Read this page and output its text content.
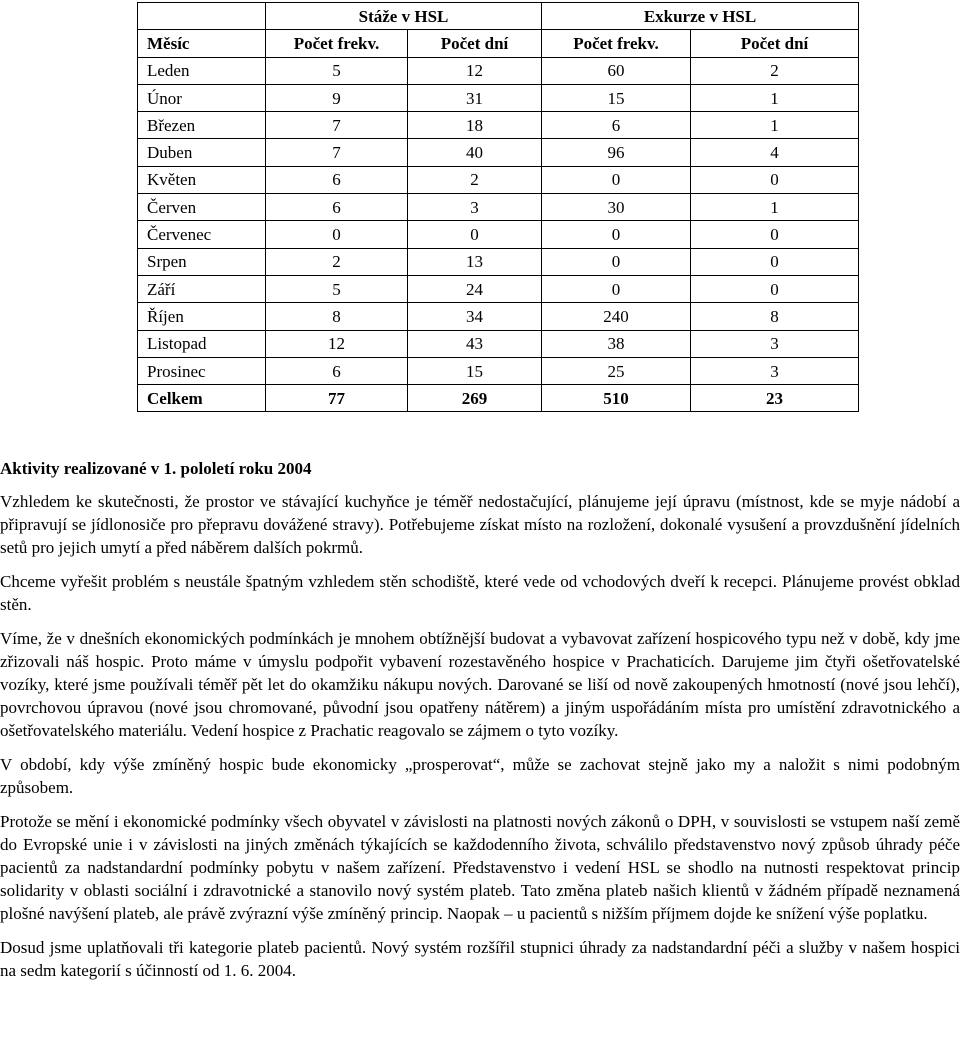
	Stáže v HSL		Exkurze v HSL	
Měsíc	Počet frekv.	Počet dní	Počet frekv.	Počet dní
Leden	5	12	60	2
Únor	9	31	15	1
Březen	7	18	6	1
Duben	7	40	96	4
Květen	6	2	0	0
Červen	6	3	30	1
Červenec	0	0	0	0
Srpen	2	13	0	0
Září	5	24	0	0
Říjen	8	34	240	8
Listopad	12	43	38	3
Prosinec	6	15	25	3
Celkem	77	269	510	23
Aktivity realizované v 1. pololetí roku 2004

Vzhledem ke skutečnosti, že prostor ve stávající kuchyňce je téměř nedostačující, plánujeme její úpravu (místnost, kde se myje nádobí a připravují se jídlonosiče pro přepravu dovážené stravy). Potřebujeme získat místo na rozložení, dokonalé vysušení a provzdušnění jídelních setů pro jejich umytí a před náběrem dalších pokrmů.

Chceme vyřešit problém s neustále špatným vzhledem stěn schodiště, které vede od vchodových dveří k recepci. Plánujeme provést obklad stěn.

Víme, že v dnešních ekonomických podmínkách je mnohem obtížnější budovat a vybavovat zařízení hospicového typu než v době, kdy jme zřizovali náš hospic. Proto máme v úmyslu podpořit vybavení rozestavěného hospice v Prachaticích. Darujeme jim čtyři ošetřovatelské vozíky, které jsme používali téměř pět let do okamžiku nákupu nových. Darované se liší od nově zakoupených hmotností (nové jsou lehčí), povrchovou úpravou (nové jsou chromované, původní jsou opatřeny nátěrem) a jiným uspořádáním místa pro umístění zdravotnického a ošetřovatelského materiálu. Vedení hospice z Prachatic reagovalo se zájmem o tyto vozíky.

V období, kdy výše zmíněný hospic bude ekonomicky „prosperovat“, může se zachovat stejně jako my a naložit s nimi podobným způsobem.

Protože se mění i ekonomické podmínky všech obyvatel v závislosti na platnosti nových zákonů o DPH, v souvislosti se vstupem naší země do Evropské unie i v závislosti na jiných změnách týkajících se každodenního života, schválilo představenstvo nový způsob úhrady péče pacientů za nadstandardní podmínky pobytu v našem zařízení. Představenstvo i vedení HSL se shodlo na nutnosti respektovat princip solidarity v oblasti sociální i zdravotnické a stanovilo nový systém plateb. Tato změna plateb našich klientů v žádném případě neznamená plošné navýšení plateb, ale právě zvýrazní výše zmíněný princip. Naopak – u pacientů s nižším příjmem dojde ke snížení výše poplatku.

Dosud jsme uplatňovali tři kategorie plateb pacientů. Nový systém rozšířil stupnici úhrady za nadstandardní péči a služby v našem hospici na sedm kategorií s účinností od 1. 6. 2004.
